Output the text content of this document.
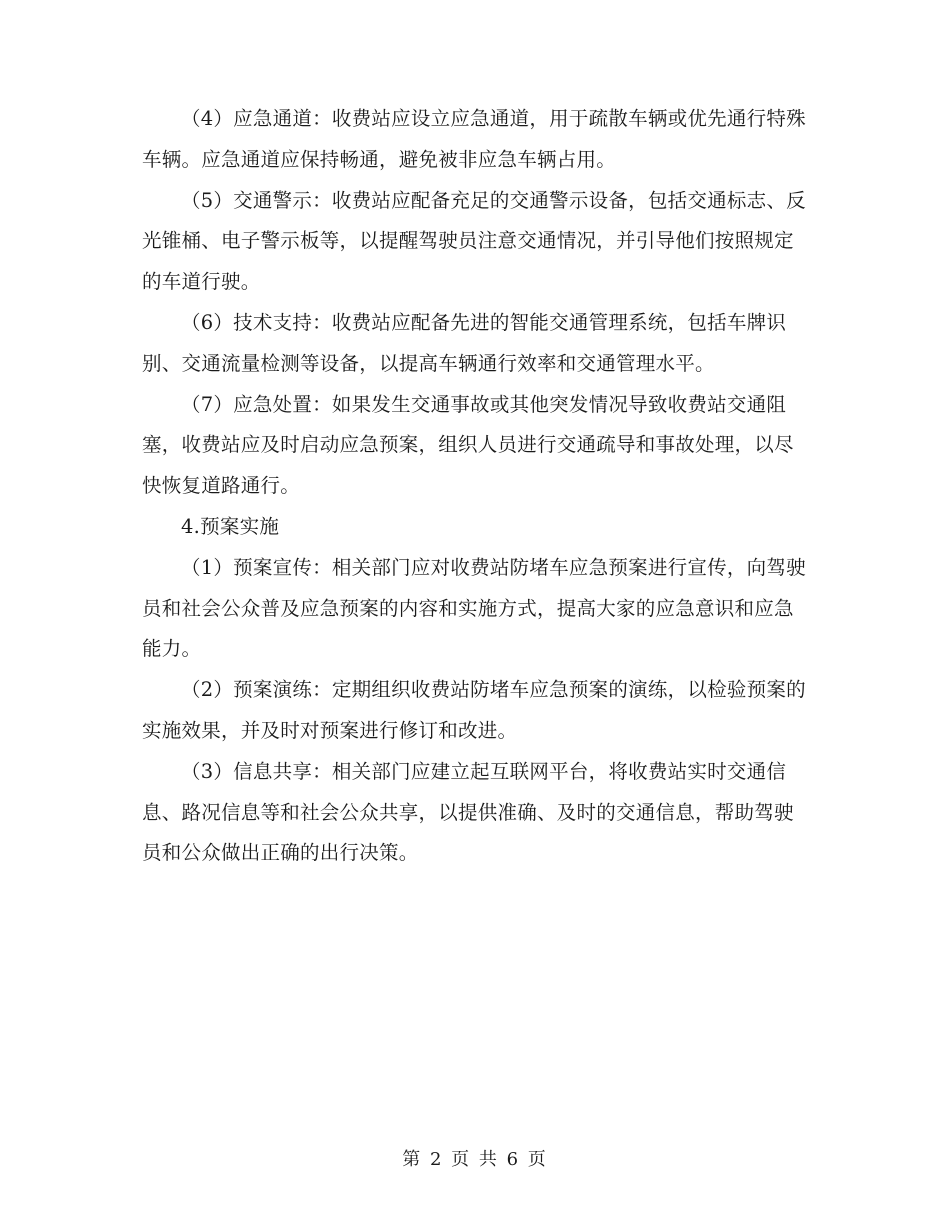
（4）应急通道：收费站应设立应急通道，用于疏散车辆或优先通行特殊车辆。应急通道应保持畅通，避免被非应急车辆占用。

（5）交通警示：收费站应配备充足的交通警示设备，包括交通标志、反光锥桶、电子警示板等，以提醒驾驶员注意交通情况，并引导他们按照规定的车道行驶。

（6）技术支持：收费站应配备先进的智能交通管理系统，包括车牌识别、交通流量检测等设备，以提高车辆通行效率和交通管理水平。

（7）应急处置：如果发生交通事故或其他突发情况导致收费站交通阻塞，收费站应及时启动应急预案，组织人员进行交通疏导和事故处理，以尽快恢复道路通行。

4.预案实施

（1）预案宣传：相关部门应对收费站防堵车应急预案进行宣传，向驾驶员和社会公众普及应急预案的内容和实施方式，提高大家的应急意识和应急能力。

（2）预案演练：定期组织收费站防堵车应急预案的演练，以检验预案的实施效果，并及时对预案进行修订和改进。

（3）信息共享：相关部门应建立起互联网平台，将收费站实时交通信息、路况信息等和社会公众共享，以提供准确、及时的交通信息，帮助驾驶员和公众做出正确的出行决策。

第 2 页 共 6 页
